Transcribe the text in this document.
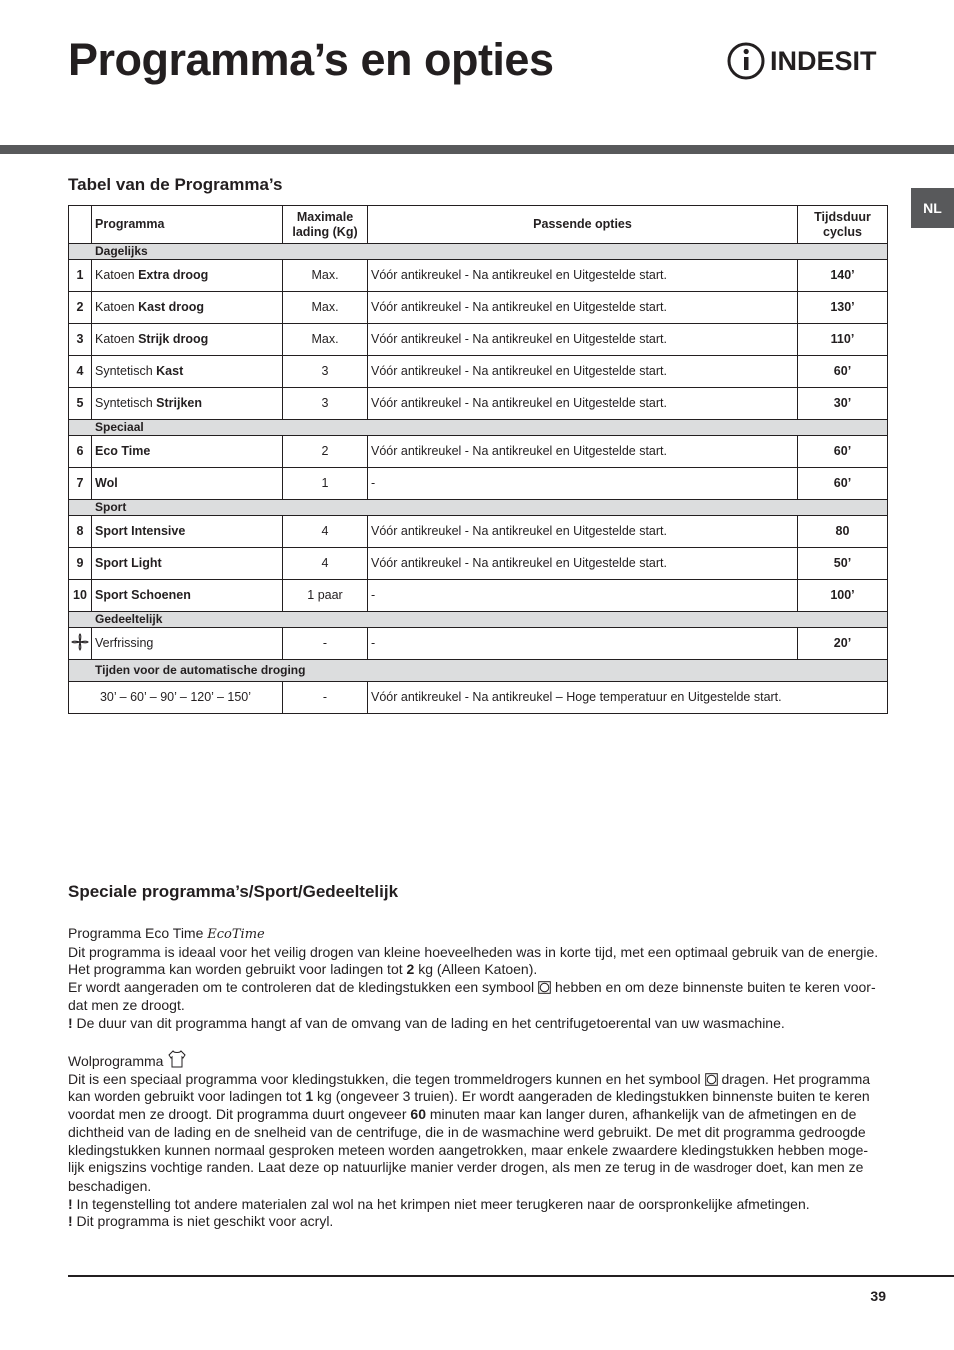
Programma’s en opties	INDESIT
NL
Tabel van de Programma’s
	Programma	Maximale lading (Kg)	Passende opties	Tijdsduur cyclus
Dagelijks				
1	Katoen Extra droog	Max.	Vóór antikreukel - Na antikreukel en Uitgestelde start.	140’
2	Katoen Kast droog	Max.	Vóór antikreukel - Na antikreukel en Uitgestelde start.	130’
3	Katoen Strijk droog	Max.	Vóór antikreukel - Na antikreukel en Uitgestelde start.	110’
4	Syntetisch Kast	3	Vóór antikreukel - Na antikreukel en Uitgestelde start.	60’
5	Syntetisch Strijken	3	Vóór antikreukel - Na antikreukel en Uitgestelde start.	30’
Speciaal				
6	Eco Time	2	Vóór antikreukel - Na antikreukel en Uitgestelde start.	60’
7	Wol	1	-	60’
Sport				
8	Sport Intensive	4	Vóór antikreukel - Na antikreukel en Uitgestelde start.	80
9	Sport Light	4	Vóór antikreukel - Na antikreukel en Uitgestelde start.	50’
10	Sport Schoenen	1 paar	-	100’
Gedeeltelijk				
	Verfrissing	-	-	20’
Tijden voor de automatische droging				
30’ – 60’ – 90’ – 120’ – 150’		-	Vóór antikreukel - Na antikreukel – Hoge temperatuur en Uitgestelde start.	
Speciale programma’s/Sport/Gedeeltelijk

Programma Eco Time EcoTime

Dit programma is ideaal voor het veilig drogen van kleine hoeveelheden was in korte tijd, met een optimaal gebruik van de energie.

Het programma kan worden gebruikt voor ladingen tot 2 kg (Alleen Katoen).

Er wordt aangeraden om te controleren dat de kledingstukken een symbool  hebben en om deze binnenste buiten te keren voor-dat men ze droogt.

! De duur van dit programma hangt af van de omvang van de lading en het centrifugetoerental van uw wasmachine.

Wolprogramma

Dit is een speciaal programma voor kledingstukken, die tegen trommeldrogers kunnen en het symbool  dragen. Het programma kan worden gebruikt voor ladingen tot 1 kg (ongeveer 3 truien). Er wordt aangeraden de kledingstukken binnenste buiten te keren voordat men ze droogt. Dit programma duurt ongeveer 60 minuten maar kan langer duren, afhankelijk van de afmetingen en de dichtheid van de lading en de snelheid van de centrifuge, die in de wasmachine werd gebruikt. De met dit programma gedroogde kledingstukken kunnen normaal gesproken meteen worden aangetrokken, maar enkele zwaardere kledingstukken hebben moge-lijk enigszins vochtige randen. Laat deze op natuurlijke manier verder drogen, als men ze terug in de wasdroger doet, kan men ze beschadigen.

! In tegenstelling tot andere materialen zal wol na het krimpen niet meer terugkeren naar de oorspronkelijke afmetingen.

! Dit programma is niet geschikt voor acryl.

39
